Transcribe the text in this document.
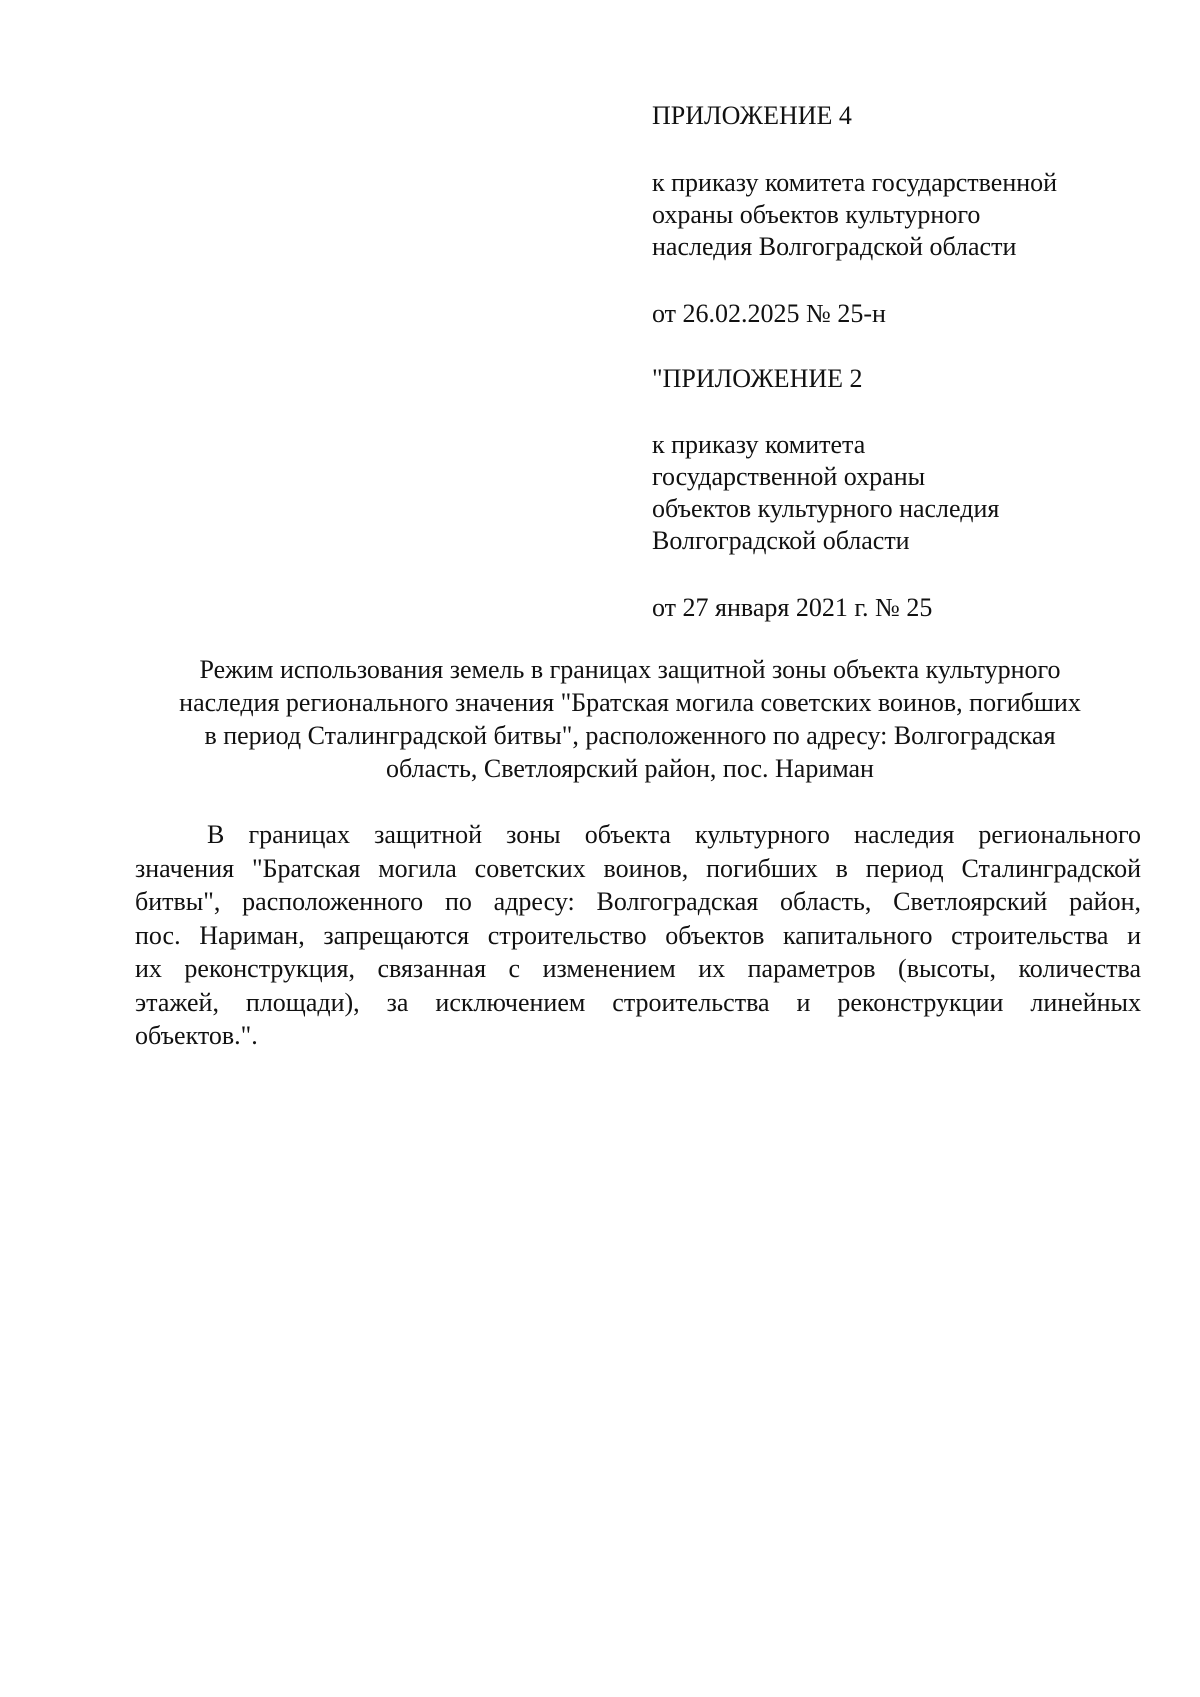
ПРИЛОЖЕНИЕ 4
к приказу комитета государственной
охраны объектов культурного
наследия Волгоградской области
от 26.02.2025 № 25-н
"ПРИЛОЖЕНИЕ 2
к приказу комитета
государственной охраны
объектов культурного наследия
Волгоградской области
от 27 января 2021 г. № 25
Режим использования земель в границах защитной зоны объекта культурного
наследия регионального значения "Братская могила советских воинов, погибших
в период Сталинградской битвы", расположенного по адресу: Волгоградская
область, Светлоярский район, пос. Нариман
В границах защитной зоны объекта культурного наследия регионального
значения "Братская могила советских воинов, погибших в период Сталинградской
битвы", расположенного по адресу: Волгоградская область, Светлоярский район,
пос. Нариман, запрещаются строительство объектов капитального строительства и
их реконструкция, связанная с изменением их параметров (высоты, количества
этажей, площади), за исключением строительства и реконструкции линейных
объектов.".
